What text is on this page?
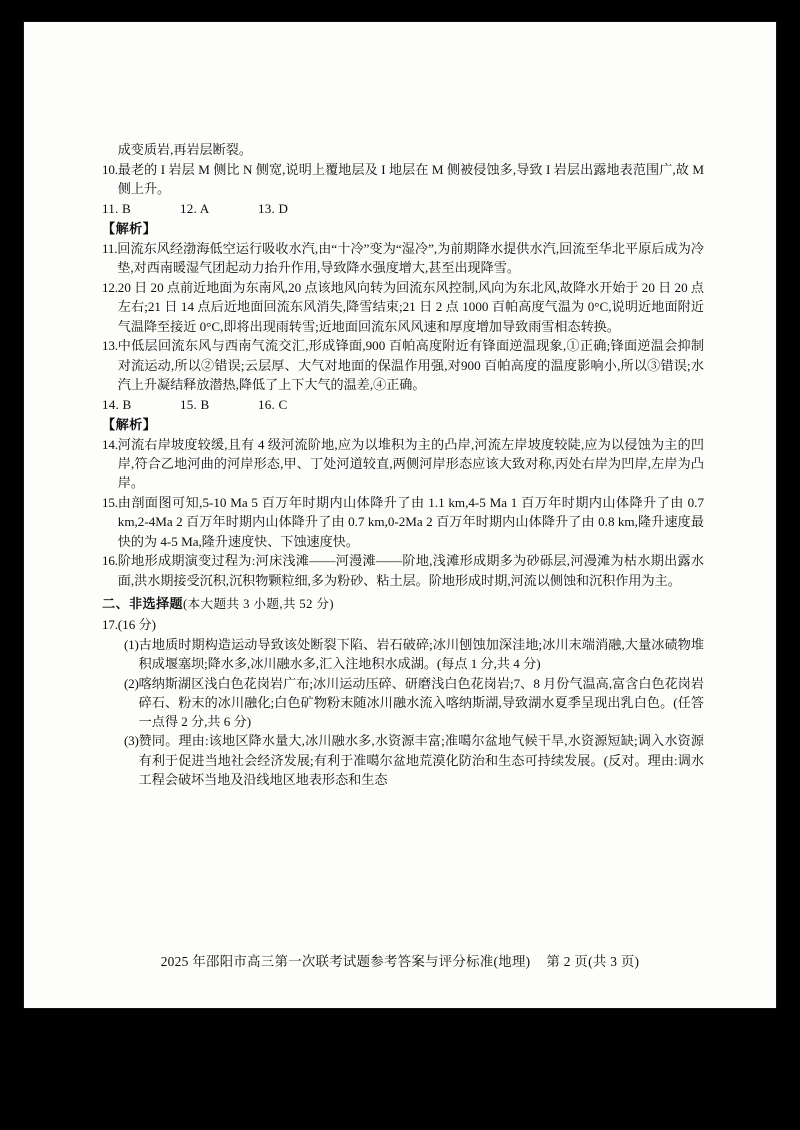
成变质岩,再岩层断裂。
10. 最老的 I 岩层 M 侧比 N 侧宽,说明上覆地层及 I 地层在 M 侧被侵蚀多,导致 I 岩层出露地表范围广,故 M 侧上升。
11. B	12. A	13. D
【解析】
11. 回流东风经渤海低空运行吸收水汽,由“十冷”变为“湿冷”,为前期降水提供水汽,回流至华北平原后成为冷垫,对西南暖湿气团起动力抬升作用,导致降水强度增大,甚至出现降雪。
12. 20 日 20 点前近地面为东南风,20 点该地风向转为回流东风控制,风向为东北风,故降水开始于 20 日 20 点左右;21 日 14 点后近地面回流东风消失,降雪结束;21 日 2 点 1000 百帕高度气温为 0°C,说明近地面附近气温降至接近 0°C,即将出现雨转雪;近地面回流东风风速和厚度增加导致雨雪相态转换。
13. 中低层回流东风与西南气流交汇,形成锋面,900 百帕高度附近有锋面逆温现象,①正确;锋面逆温会抑制对流运动,所以②错误;云层厚、大气对地面的保温作用强,对900 百帕高度的温度影响小,所以③错误;水汽上升凝结释放潜热,降低了上下大气的温差,④正确。
14. B	15. B	16. C
【解析】
14. 河流右岸坡度较缓,且有 4 级河流阶地,应为以堆积为主的凸岸,河流左岸坡度较陡,应为以侵蚀为主的凹岸,符合乙地河曲的河岸形态,甲、丁处河道较直,两侧河岸形态应该大致对称,丙处右岸为凹岸,左岸为凸岸。
15. 由剖面图可知,5-10 Ma 5 百万年时期内山体降升了由 1.1 km,4-5 Ma 1 百万年时期内山体降升了由 0.7 km,2-4Ma 2 百万年时期内山体降升了由 0.7 km,0-2Ma 2 百万年时期内山体降升了由 0.8 km,隆升速度最快的为 4-5 Ma,隆升速度快、下蚀速度快。
16. 阶地形成期演变过程为:河床浅滩——河漫滩——阶地,浅滩形成期多为砂砾层,河漫滩为枯水期出露水面,洪水期接受沉积,沉积物颗粒细,多为粉砂、粘土层。阶地形成时期,河流以侧蚀和沉积作用为主。
二、非选择题(本大题共 3 小题,共 52 分)
17. (16 分)
(1) 古地质时期构造运动导致该处断裂下陷、岩石破碎;冰川刨蚀加深洼地;冰川末端消融,大量冰碛物堆积成堰塞坝;降水多,冰川融水多,汇入注地积水成湖。(每点 1 分,共 4 分)
(2) 喀纳斯湖区浅白色花岗岩广布;冰川运动压碎、研磨浅白色花岗岩;7、8 月份气温高,富含白色花岗岩碎石、粉末的冰川融化;白色矿物粉末随冰川融水流入喀纳斯湖,导致湖水夏季呈现出乳白色。(任答一点得 2 分,共 6 分)
(3) 赞同。理由:该地区降水量大,冰川融水多,水资源丰富;准噶尔盆地气候干旱,水资源短缺;调入水资源有利于促进当地社会经济发展;有利于准噶尔盆地荒漠化防治和生态可持续发展。(反对。理由:调水工程会破坏当地及沿线地区地表形态和生态
2025 年邵阳市高三第一次联考试题参考答案与评分标准(地理) 第 2 页(共 3 页)
